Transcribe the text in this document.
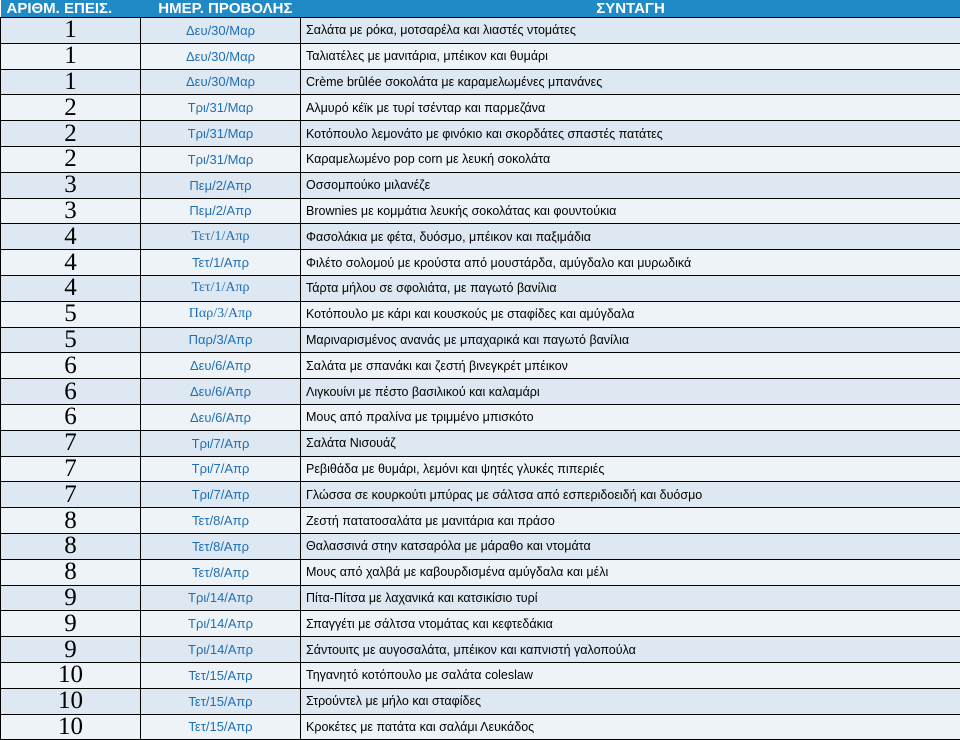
ΑΡΙΘΜ. ΕΠΕΙΣ.	ΗΜΕΡ. ΠΡΟΒΟΛΗΣ	ΣΥΝΤΑΓΗ
1	Δευ/30/Μαρ	Σαλάτα με ρόκα, μοτσαρέλα και λιαστές ντομάτες
1	Δευ/30/Μαρ	Ταλιατέλες με μανιτάρια, μπέικον και θυμάρι
1	Δευ/30/Μαρ	Crème brûlée σοκολάτα με καραμελωμένες μπανάνες
2	Τρι/31/Μαρ	Αλμυρό κέϊκ με τυρί τσένταρ και παρμεζάνα
2	Τρι/31/Μαρ	Κοτόπουλο λεμονάτο με φινόκιο και σκορδάτες σπαστές πατάτες
2	Τρι/31/Μαρ	Καραμελωμένο pop corn με λευκή σοκολάτα
3	Πεμ/2/Απρ	Οσσομπούκο μιλανέζε
3	Πεμ/2/Απρ	Brownies με κομμάτια λευκής σοκολάτας και φουντούκια
4	Τετ/1/Απρ	Φασολάκια με φέτα, δυόσμο, μπέικον και παξιμάδια
4	Τετ/1/Απρ	Φιλέτο σολομού με κρούστα από μουστάρδα, αμύγδαλο και μυρωδικά
4	Τετ/1/Απρ	Τάρτα μήλου σε σφολιάτα, με παγωτό βανίλια
5	Παρ/3/Απρ	Κοτόπουλο με κάρι και κουσκούς με σταφίδες και αμύγδαλα
5	Παρ/3/Απρ	Μαριναρισμένος ανανάς με μπαχαρικά και παγωτό βανίλια
6	Δευ/6/Απρ	Σαλάτα με σπανάκι και ζεστή βινεγκρέτ μπέικον
6	Δευ/6/Απρ	Λιγκουίνι με πέστο βασιλικού και καλαμάρι
6	Δευ/6/Απρ	Μους από πραλίνα με τριμμένο μπισκότο
7	Τρι/7/Απρ	Σαλάτα Νισουάζ
7	Τρι/7/Απρ	Ρεβιθάδα με θυμάρι, λεμόνι και ψητές γλυκές πιπεριές
7	Τρι/7/Απρ	Γλώσσα σε κουρκούτι μπύρας με σάλτσα από εσπεριδοειδή και δυόσμο
8	Τετ/8/Απρ	Ζεστή πατατοσαλάτα με μανιτάρια και πράσο
8	Τετ/8/Απρ	Θαλασσινά στην κατσαρόλα με μάραθο και ντομάτα
8	Τετ/8/Απρ	Μους από χαλβά με καβουρδισμένα αμύγδαλα και μέλι
9	Τρι/14/Απρ	Πίτα-Πίτσα με λαχανικά και κατσικίσιο τυρί
9	Τρι/14/Απρ	Σπαγγέτι με σάλτσα ντομάτας και κεφτεδάκια
9	Τρι/14/Απρ	Σάντουιτς με αυγοσαλάτα, μπέικον και καπνιστή γαλοπούλα
10	Τετ/15/Απρ	Τηγανητό κοτόπουλο με σαλάτα coleslaw
10	Τετ/15/Απρ	Στρούντελ με μήλο και σταφίδες
10	Τετ/15/Απρ	Κροκέτες με πατάτα και σαλάμι Λευκάδος
